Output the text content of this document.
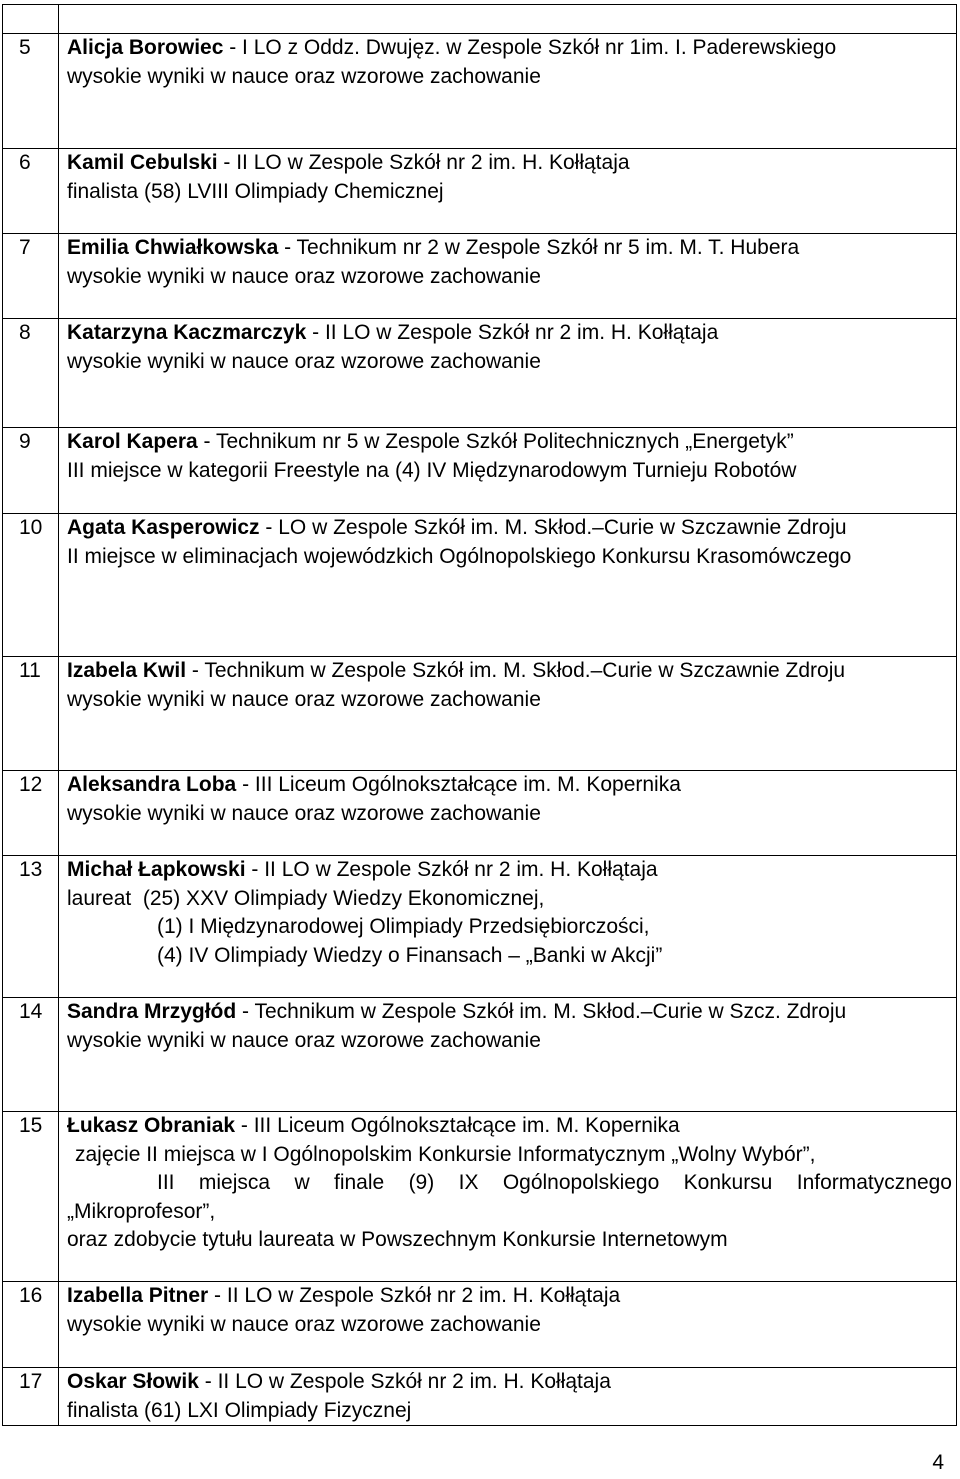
5	Alicja Borowiec - I LO z Oddz. Dwujęz. w Zespole Szkół nr 1im. I. Paderewskiego
wysokie wyniki w nauce oraz wzorowe zachowanie

6	Kamil Cebulski - II LO w Zespole Szkół nr 2 im. H. Kołłątaja
finalista (58) LVIII Olimpiady Chemicznej

7	Emilia Chwiałkowska - Technikum nr 2 w Zespole Szkół nr 5 im. M. T. Hubera
wysokie wyniki w nauce oraz wzorowe zachowanie

8	Katarzyna Kaczmarczyk - II LO w Zespole Szkół nr 2 im. H. Kołłątaja
wysokie wyniki w nauce oraz wzorowe zachowanie

9	Karol Kapera - Technikum nr 5 w Zespole Szkół Politechnicznych „Energetyk”
III miejsce w kategorii Freestyle na (4) IV Międzynarodowym Turnieju Robotów

10	Agata Kasperowicz - LO w Zespole Szkół im. M. Skłod.–Curie w Szczawnie Zdroju
II miejsce w eliminacjach wojewódzkich Ogólnopolskiego Konkursu Krasomówczego

11	Izabela Kwil - Technikum w Zespole Szkół im. M. Skłod.–Curie w Szczawnie Zdroju
wysokie wyniki w nauce oraz wzorowe zachowanie

12	Aleksandra Loba - III Liceum Ogólnokształcące im. M. Kopernika
wysokie wyniki w nauce oraz wzorowe zachowanie

13	Michał Łapkowski - II LO w Zespole Szkół nr 2 im. H. Kołłątaja
laureat  (25) XXV Olimpiady Wiedzy Ekonomicznej,
(1) I Międzynarodowej Olimpiady Przedsiębiorczości,
(4) IV Olimpiady Wiedzy o Finansach – „Banki w Akcji”

14	Sandra Mrzygłód - Technikum w Zespole Szkół im. M. Skłod.–Curie w Szcz. Zdroju
wysokie wyniki w nauce oraz wzorowe zachowanie

15	Łukasz Obraniak - III Liceum Ogólnokształcące im. M. Kopernika
zajęcie II miejsca w I Ogólnopolskim Konkursie Informatycznym „Wolny Wybór”,
III miejsca w finale (9) IX Ogólnopolskiego Konkursu Informatycznego „Mikroprofesor”,
oraz zdobycie tytułu laureata w Powszechnym Konkursie Internetowym

16	Izabella Pitner - II LO w Zespole Szkół nr 2 im. H. Kołłątaja
wysokie wyniki w nauce oraz wzorowe zachowanie

17	Oskar Słowik - II LO w Zespole Szkół nr 2 im. H. Kołłątaja
finalista (61) LXI Olimpiady Fizycznej
4
